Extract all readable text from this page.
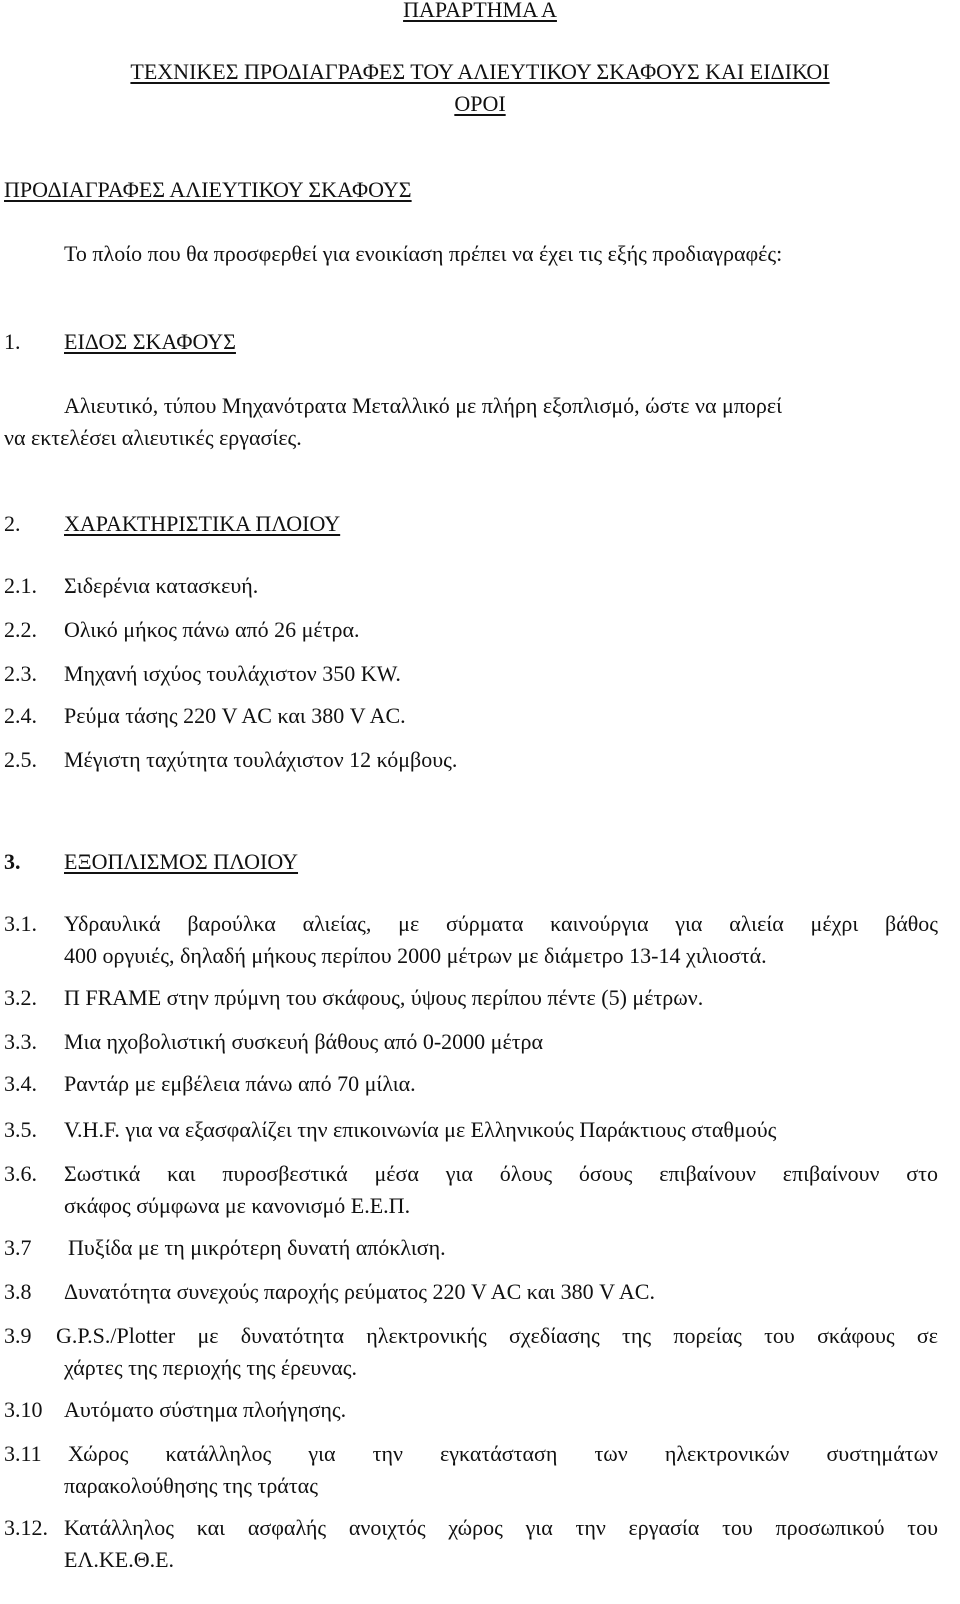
ΠΑΡΑΡΤΗΜΑ Α
ΤΕΧΝΙΚΕΣ ΠΡΟΔΙΑΓΡΑΦΕΣ ΤΟΥ ΑΛΙΕΥΤΙΚΟΥ ΣΚΑΦΟΥΣ ΚΑΙ ΕΙΔΙΚΟΙ
ΟΡΟΙ
ΠΡΟΔΙΑΓΡΑΦΕΣ ΑΛΙΕΥΤΙΚΟΥ ΣΚΑΦΟΥΣ
Το πλοίο που θα προσφερθεί για ενοικίαση πρέπει να έχει τις εξής προδιαγραφές:
1. ΕΙΔΟΣ ΣΚΑΦΟΥΣ
Αλιευτικό, τύπου Μηχανότρατα Μεταλλικό με πλήρη εξοπλισμό, ώστε να μπορεί
να εκτελέσει αλιευτικές εργασίες.
2. ΧΑΡΑΚΤΗΡΙΣΤΙΚΑ ΠΛΟΙΟΥ
2.1. Σιδερένια κατασκευή.
2.2. Ολικό μήκος πάνω από 26 μέτρα.
2.3. Μηχανή ισχύος τουλάχιστον 350 KW.
2.4. Ρεύμα τάσης 220 V AC και 380 V AC.
2.5. Μέγιστη ταχύτητα τουλάχιστον 12 κόμβους.
3. ΕΞΟΠΛΙΣΜΟΣ ΠΛΟΙΟΥ
3.1. Υδραυλικά βαρούλκα αλιείας, με σύρματα καινούργια για αλιεία μέχρι βάθος
400 οργυιές, δηλαδή μήκους περίπου 2000 μέτρων με διάμετρο 13-14 χιλιοστά.
3.2. Π FRAME στην πρύμνη του σκάφους, ύψους περίπου πέντε (5) μέτρων.
3.3. Μια ηχοβολιστική συσκευή βάθους από 0-2000 μέτρα
3.4. Ραντάρ με εμβέλεια πάνω από 70 μίλια.
3.5. V.H.F. για να εξασφαλίζει την επικοινωνία με Ελληνικούς Παράκτιους σταθμούς
3.6. Σωστικά και πυροσβεστικά μέσα για όλους όσους επιβαίνουν επιβαίνουν στο
σκάφος σύμφωνα με κανονισμό Ε.Ε.Π.
3.7 Πυξίδα με τη μικρότερη δυνατή απόκλιση.
3.8 Δυνατότητα συνεχούς παροχής ρεύματος 220 V AC και 380 V AC.
3.9 G.P.S./Plotter με δυνατότητα ηλεκτρονικής σχεδίασης της πορείας του σκάφους σε
χάρτες της περιοχής της έρευνας.
3.10 Αυτόματο σύστημα πλοήγησης.
3.11 Χώρος κατάλληλος για την εγκατάσταση των ηλεκτρονικών συστημάτων
παρακολούθησης της τράτας
3.12. Κατάλληλος και ασφαλής ανοιχτός χώρος για την εργασία του προσωπικού του
ΕΛ.ΚΕ.Θ.Ε.
